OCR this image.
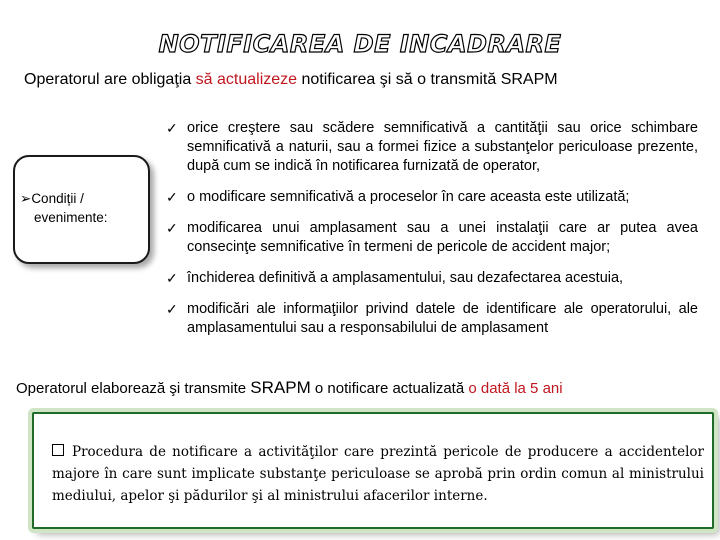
NOTIFICAREA DE INCADRARE
Operatorul are obligaţia să actualizeze notificarea şi să o transmită SRAPM
➢Condiții /
evenimente:
✓ orice creştere sau scădere semnificativă a cantităţii sau orice schimbare semnificativă a naturii, sau a formei fizice a substanţelor periculoase prezente, după cum se indică în notificarea furnizată de operator,
✓ o modificare semnificativă a proceselor în care aceasta este utilizată;
✓ modificarea unui amplasament sau a unei instalaţii care ar putea avea consecinţe semnificative în termeni de pericole de accident major;
✓ închiderea definitivă a amplasamentului, sau dezafectarea acestuia,
✓ modificări ale informaţiilor privind datele de identificare ale operatorului, ale amplasamentului sau a responsabilului de amplasament
Operatorul elaborează şi transmite SRAPM o notificare actualizată o dată la 5 ani
Procedura de notificare a activităţilor care prezintă pericole de producere a accidentelor majore în care sunt implicate substanţe periculoase se aprobă prin ordin comun al ministrului mediului, apelor şi pădurilor şi al ministrului afacerilor interne.
